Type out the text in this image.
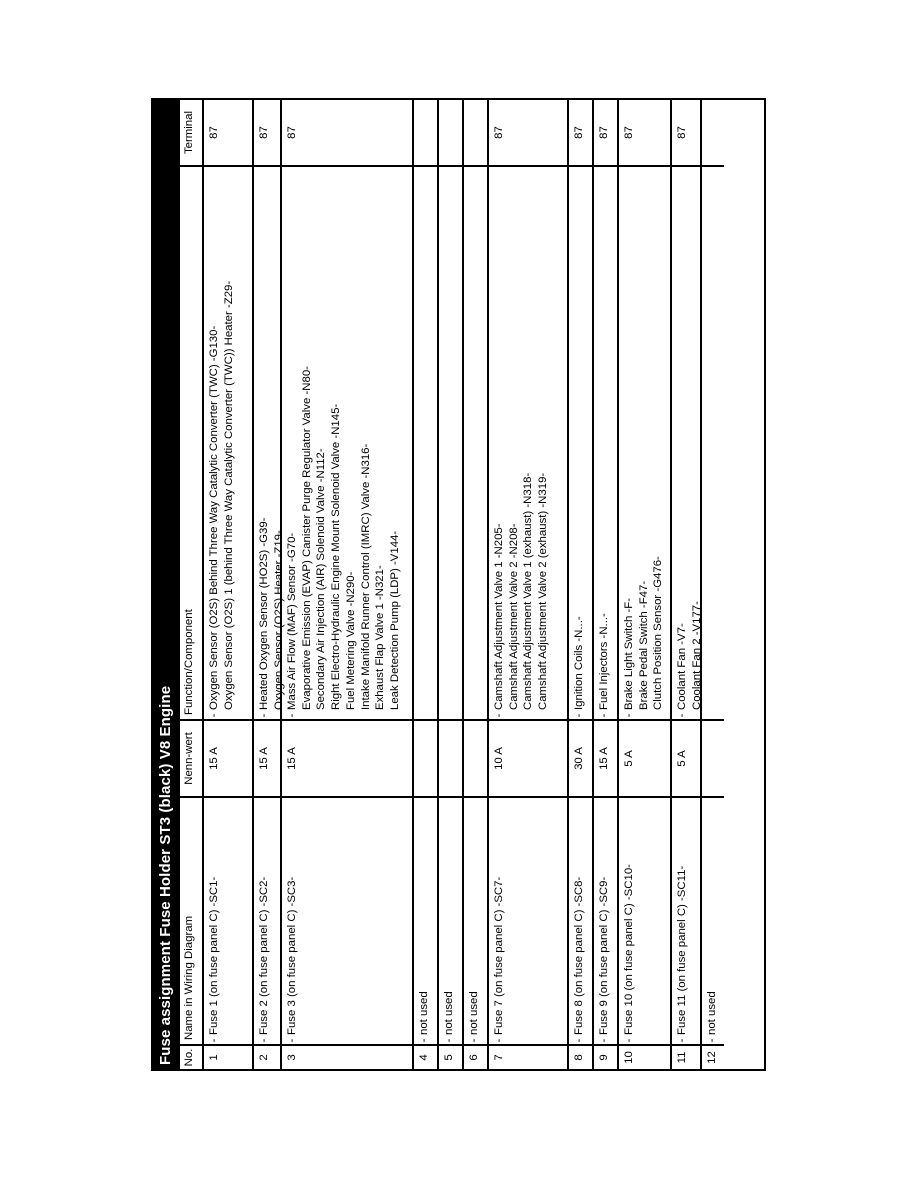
Fuse assignment Fuse Holder ST3 (black) V8 Engine No.
Name in Wiring Diagram
Nenn-wert
Function/Component
Terminal
1
-
Fuse 1 (on fuse panel C) -SC1-
15 A
-
Oxygen Sensor (O2S) Behind Three Way Catalytic Converter (TWC) -G130- Oxygen Sensor (O2S) 1 (behind Three Way Catalytic Converter (TWC)) Heater -Z29-
87
2
-
Fuse 2 (on fuse panel C) -SC2-
15 A
-
Heated Oxygen Sensor (HO2S) -G39- Oxygen Sensor (O2S) Heater -Z19-
87
3
-
Fuse 3 (on fuse panel C) -SC3-
15 A
-
Mass Air Flow (MAF) Sensor -G70- Evaporative Emission (EVAP) Canister Purge Regulator Valve -N80- Secondary Air Injection (AIR) Solenoid Valve -N112- Right Electro-Hydraulic Engine Mount Solenoid Valve -N145- Fuel Metering Valve -N290- Intake Manifold Runner Control (IMRC) Valve -N316- Exhaust Flap Valve 1 -N321- Leak Detection Pump (LDP) -V144-
87
4
-
not used
5
-
not used
6
-
not used
7
-
Fuse 7 (on fuse panel C) -SC7-
10 A
-
Camshaft Adjustment Valve 1 -N205- Camshaft Adjustment Valve 2 -N208- Camshaft Adjustment Valve 1 (exhaust) -N318- Camshaft Adjustment Valve 2 (exhaust) -N319-
87
8
-
Fuse 8 (on fuse panel C) -SC8-
30 A
-
Ignition Coils -N...-
87
9
-
Fuse 9 (on fuse panel C) -SC9-
15 A
-
Fuel Injectors -N...-
87
10
-
Fuse 10 (on fuse panel C) -SC10-
5 A
-
Brake Light Switch -F- Brake Pedal Switch -F47- Clutch Position Sensor -G476-
87
11
-
Fuse 11 (on fuse panel C) -SC11-
5 A
-
Coolant Fan -V7- Coolant Fan 2 -V177-
87
12
-
not used
